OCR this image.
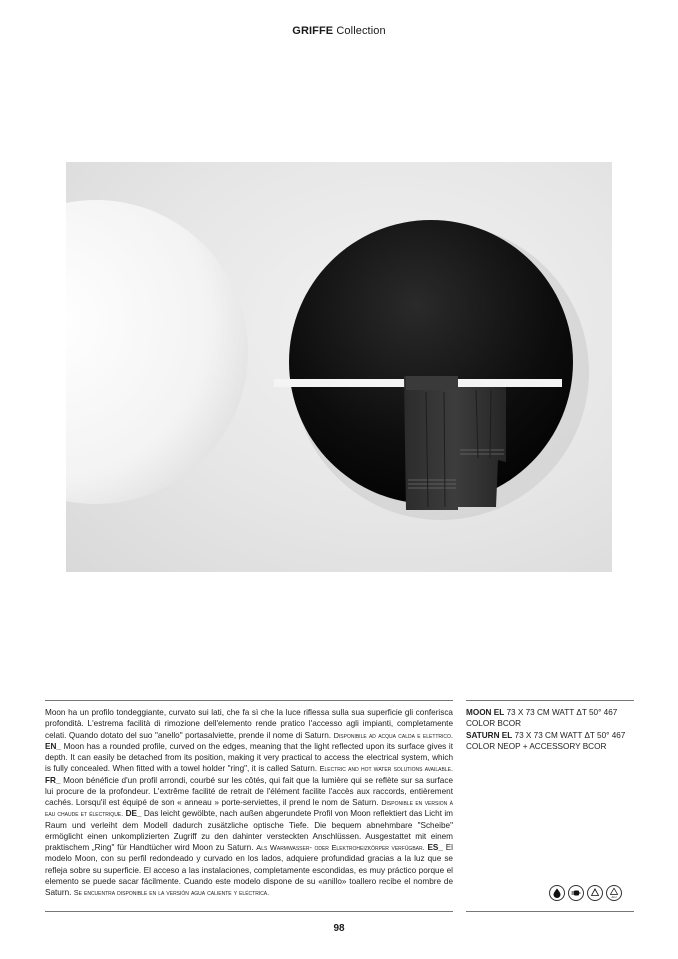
GRIFFE Collection
Moon ha un profilo tondeggiante, curvato sui lati, che fa sì che la luce riflessa sulla sua superficie gli conferisca profondità. L'estrema facilità di rimozione dell'elemento rende pratico l'accesso agli impianti, completamente celati. Quando dotato del suo "anello" portasalviette, prende il nome di Saturn. Disponibile ad acqua calda e elettrico. EN_ Moon has a rounded profile, curved on the edges, meaning that the light reflected upon its surface gives it depth. It can easily be detached from its position, making it very practical to access the electrical system, which is fully concealed. When fitted with a towel holder "ring", it is called Saturn. Electric and hot water solutions available. FR_ Moon bénéficie d'un profil arrondi, courbé sur les côtés, qui fait que la lumière qui se reflète sur sa surface lui procure de la profondeur. L'extrême facilité de retrait de l'élément facilite l'accès aux raccords, entièrement cachés. Lorsqu'il est équipé de son « anneau » porte-serviettes, il prend le nom de Saturn. Disponible en version à eau chaude et électrique. DE_ Das leicht gewölbte, nach außen abgerundete Profil von Moon reflektiert das Licht im Raum und verleiht dem Modell dadurch zusätzliche optische Tiefe. Die bequem abnehmbare "Scheibe" ermöglicht einen unkomplizierten Zugriff zu den dahinter versteckten Anschlüssen. Ausgestattet mit einem praktischem „Ring" für Handtücher wird Moon zu Saturn. Als Warmwasser- oder Elektroheizkörper verfügbar. ES_ El modelo Moon, con su perfil redondeado y curvado en los lados, adquiere profundidad gracias a la luz que se refleja sobre su superficie. El acceso a las instalaciones, completamente escondidas, es muy práctico porque el elemento se puede sacar fácilmente. Cuando este modelo dispone de su «anillo» toallero recibe el nombre de Saturn. Se encuentra disponible en la versión agua caliente y eléctrica.
MOON EL 73 X 73 CM WATT ΔT 50° 467 COLOR BCOR
SATURN EL 73 X 73 CM WATT ΔT 50° 467 COLOR NEOP + ACCESSORY BCOR
ALU
98
